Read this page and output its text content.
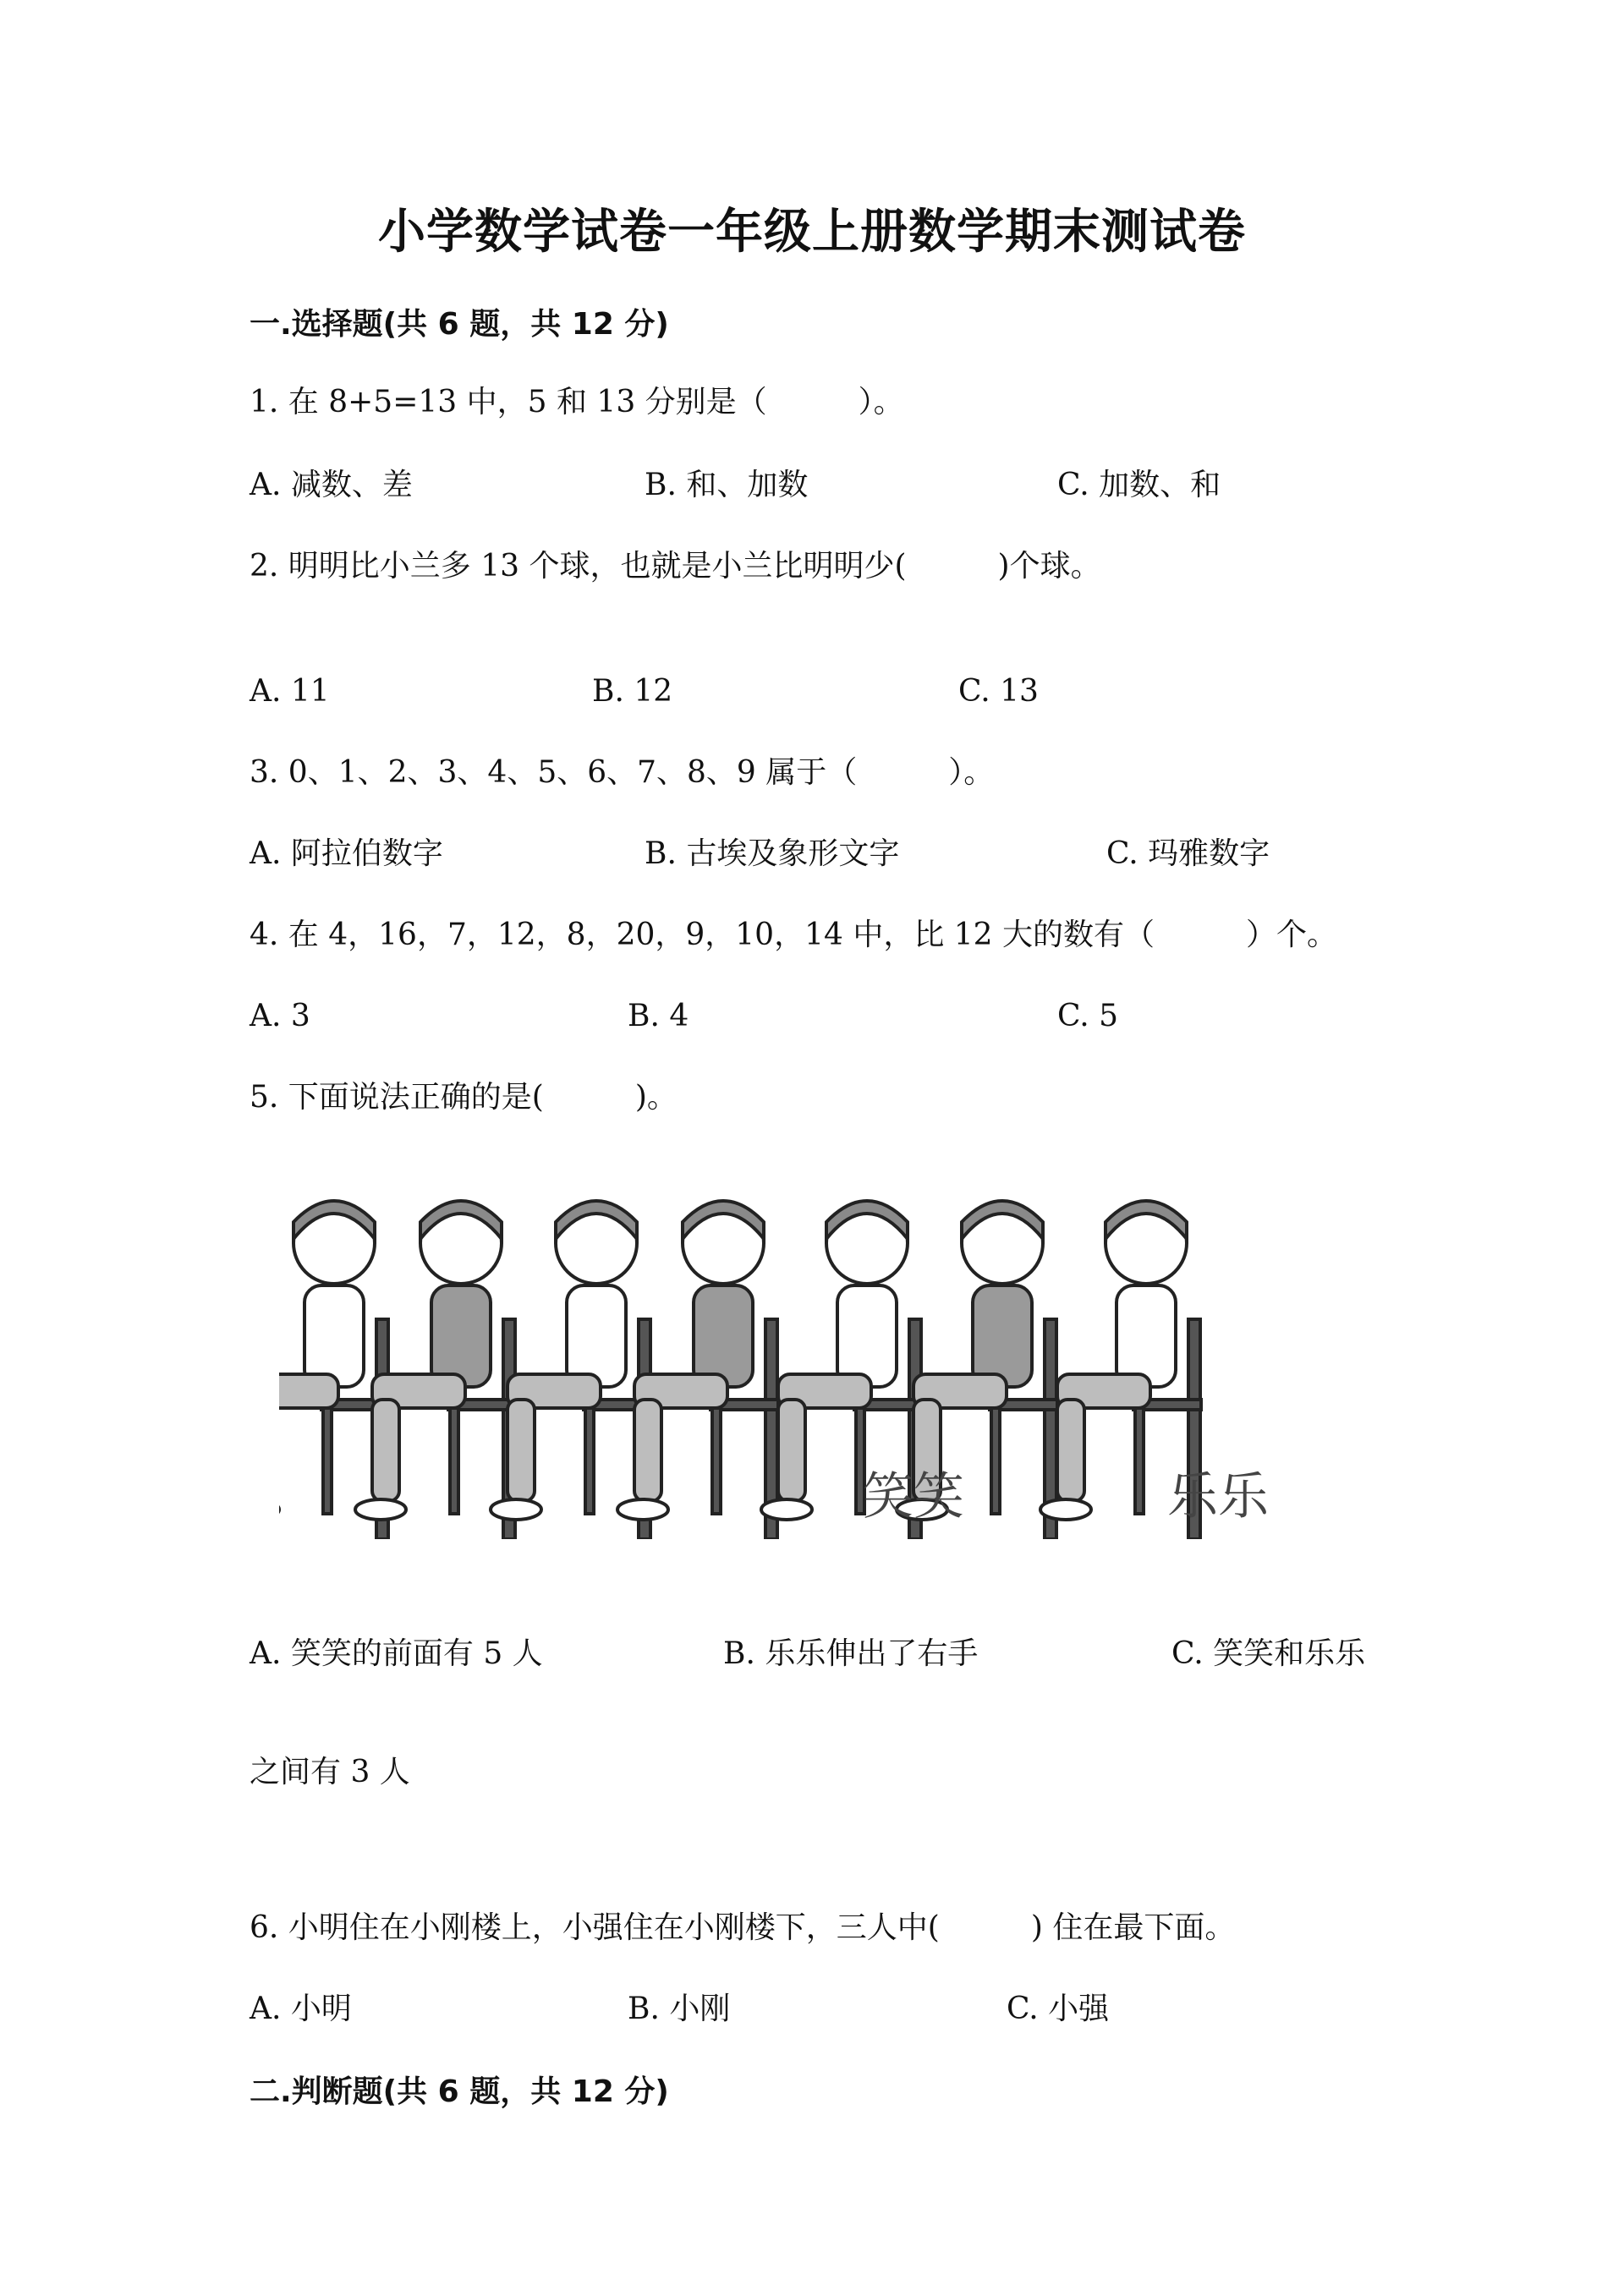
小学数学试卷一年级上册数学期末测试卷
一.选择题(共 6 题，共 12 分)
1. 在 8+5=13 中，5 和 13 分别是（　　　）。
A. 减数、差	B. 和、加数	C. 加数、和
2. 明明比小兰多 13 个球，也就是小兰比明明少(　　　)个球。
A. 11	B. 12	C. 13
3. 0、1、2、3、4、5、6、7、8、9 属于（　　　）。
A. 阿拉伯数字	B. 古埃及象形文字	C. 玛雅数字
4. 在 4，16，7，12，8，20，9，10，14 中，比 12 大的数有（　　　）个。
A. 3	B. 4	C. 5
5. 下面说法正确的是(　　　)。
笑笑	乐乐
A. 笑笑的前面有 5 人	B. 乐乐伸出了右手	C. 笑笑和乐乐
之间有 3 人
6. 小明住在小刚楼上，小强住在小刚楼下，三人中(　　　) 住在最下面。
A. 小明	B. 小刚	C. 小强
二.判断题(共 6 题，共 12 分)
